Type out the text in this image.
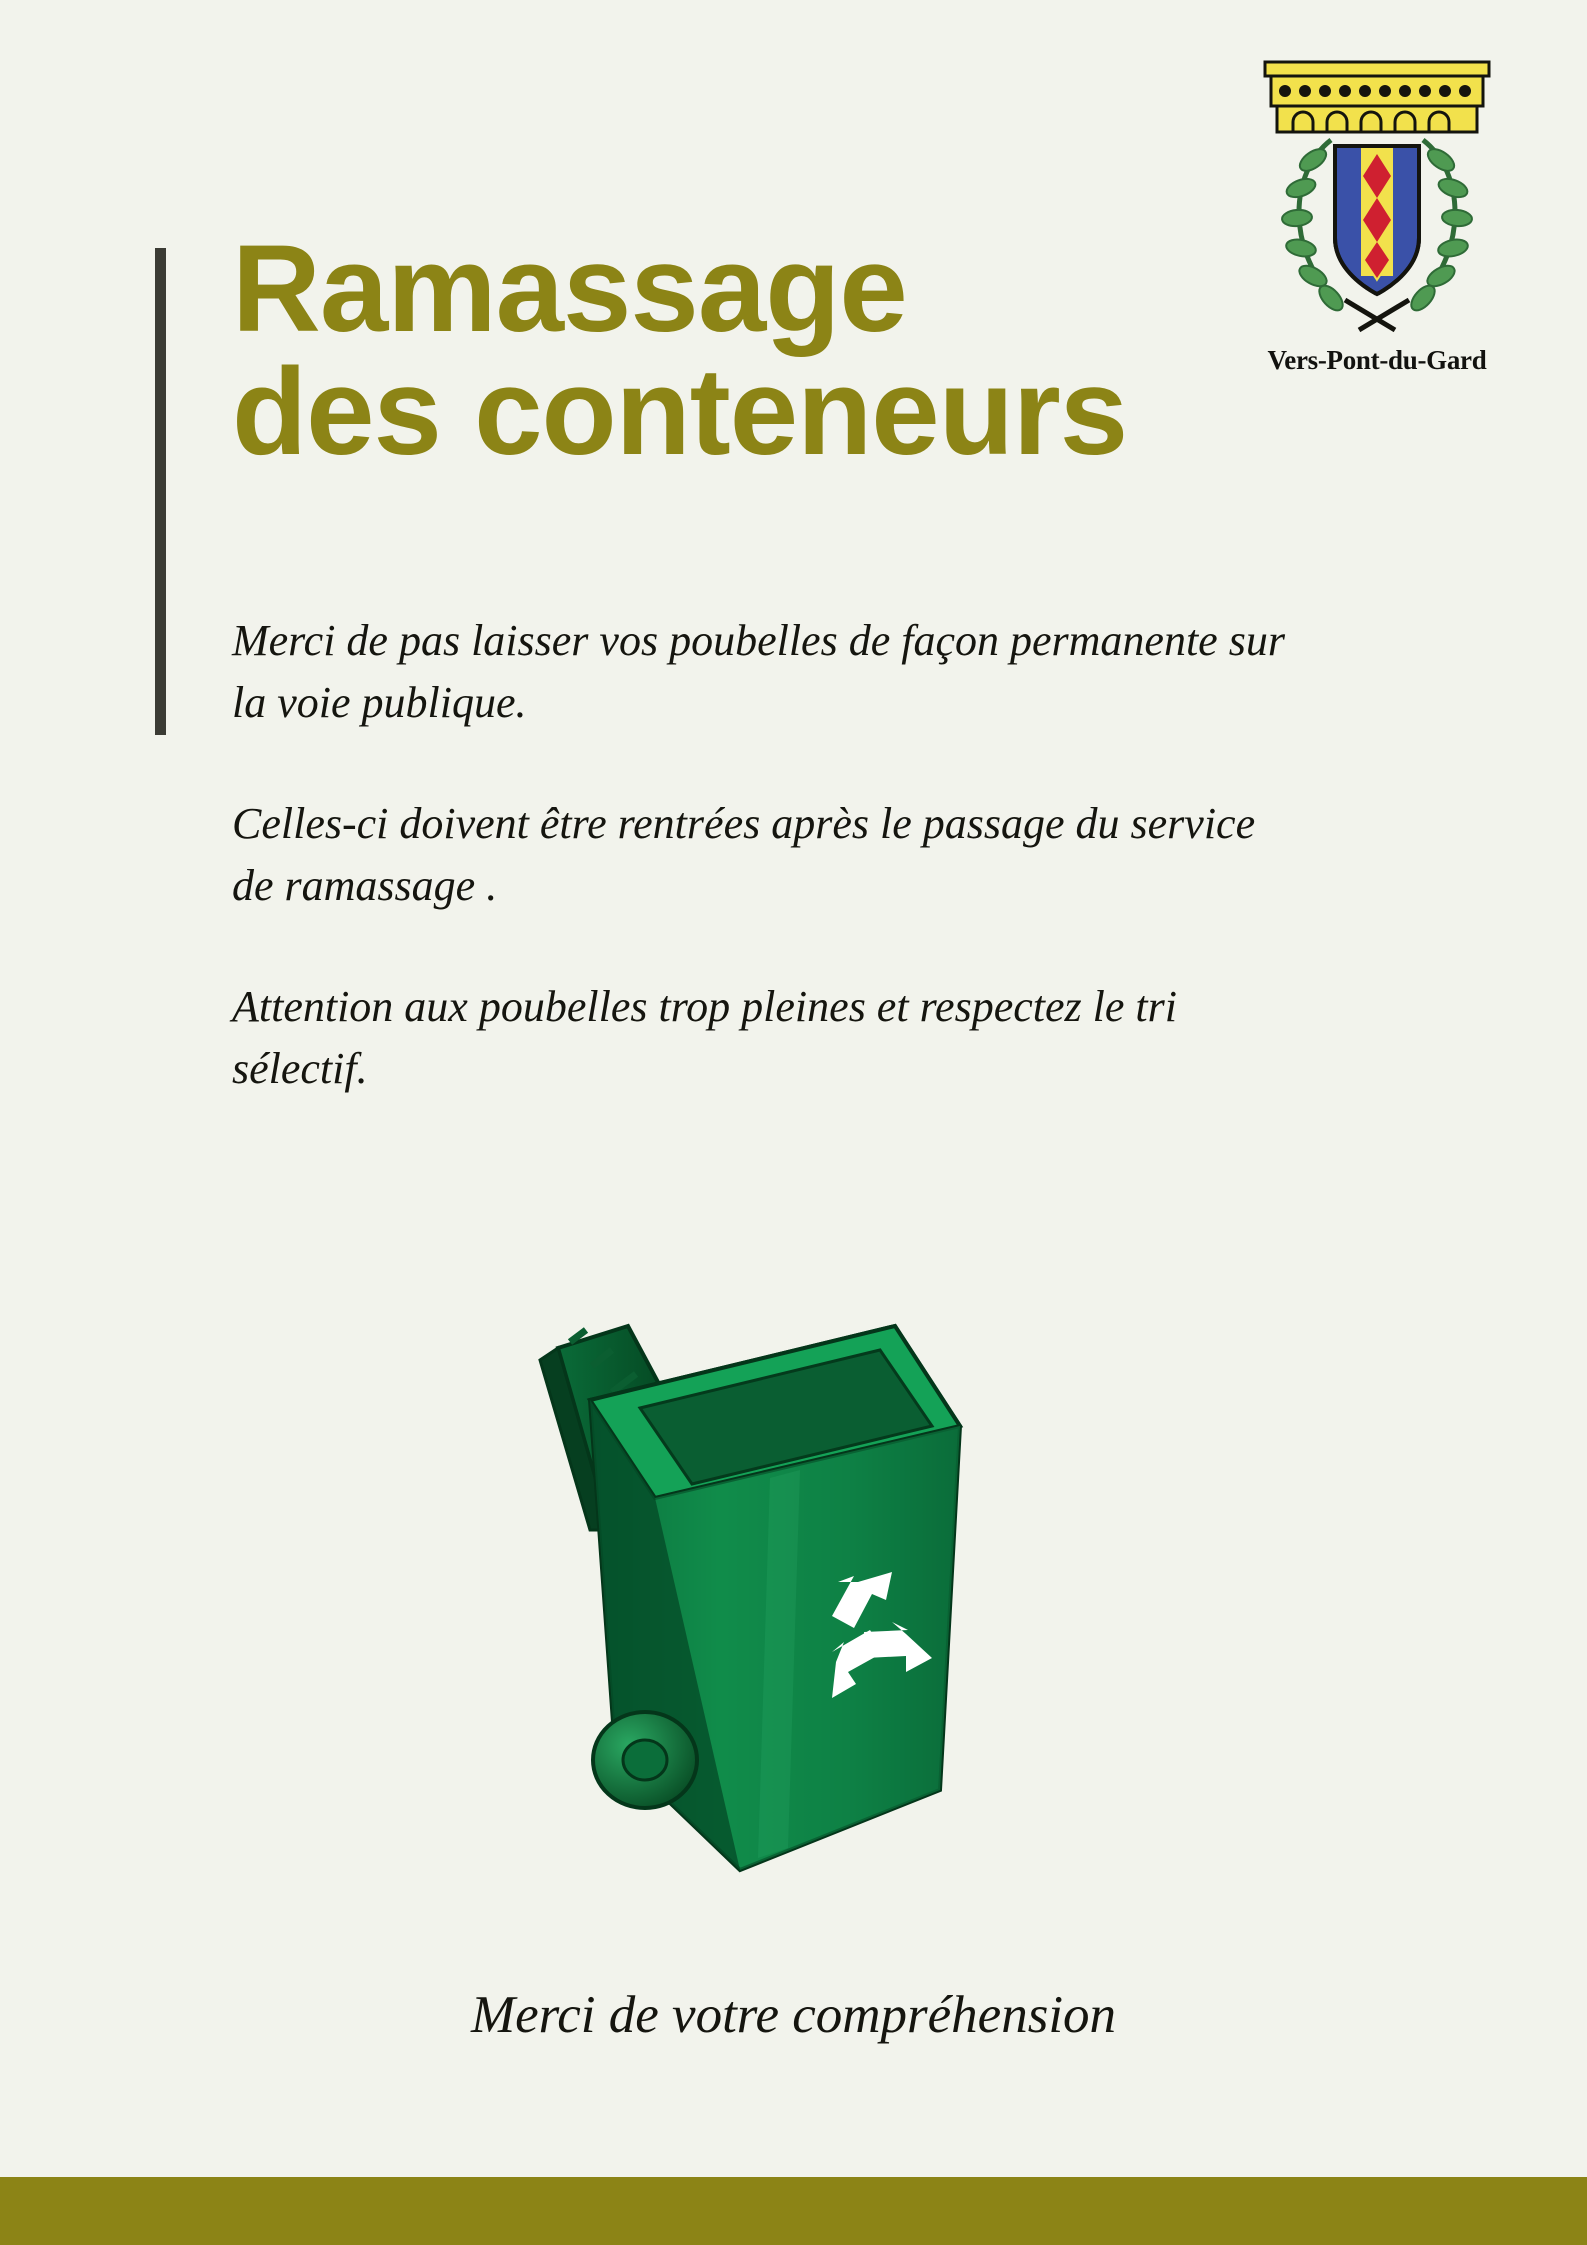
Vers-Pont-du-Gard
Ramassage
des conteneurs

Merci de pas laisser vos poubelles de façon permanente sur la voie publique.

Celles-ci doivent être rentrées après le passage du service de ramassage .

Attention aux poubelles trop pleines et respectez le tri sélectif.

Merci de votre compréhension
